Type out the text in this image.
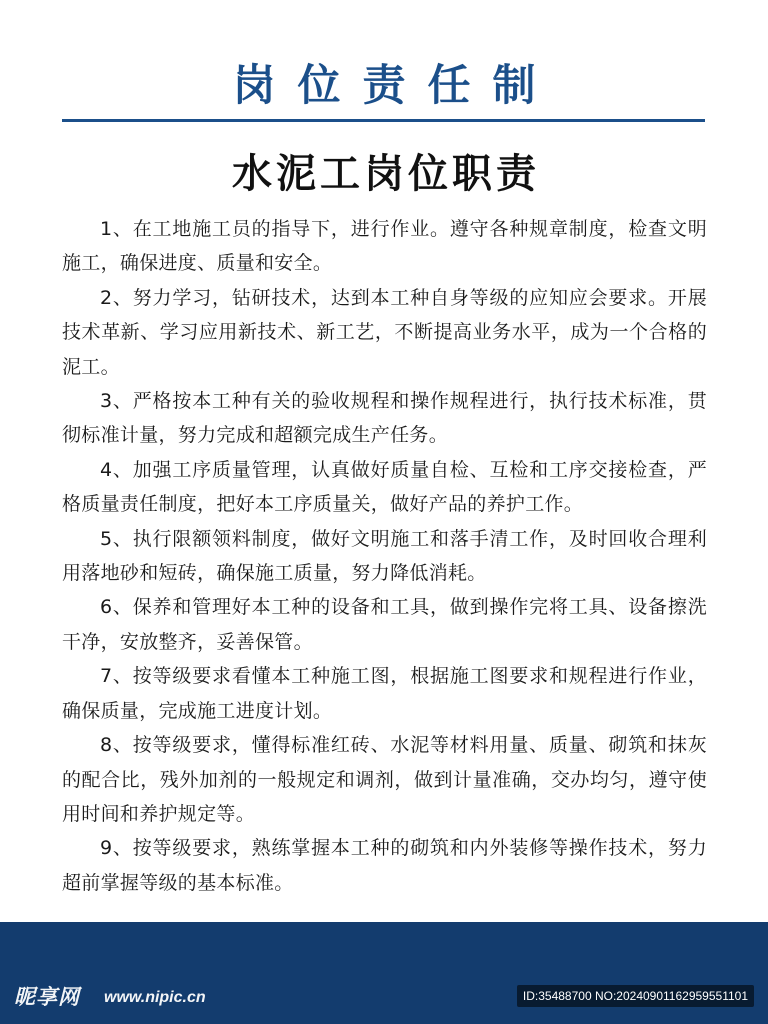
岗位责任制
水泥工岗位职责

1、在工地施工员的指导下，进行作业。遵守各种规章制度，检查文明施工，确保进度、质量和安全。

2、努力学习，钻研技术，达到本工种自身等级的应知应会要求。开展技术革新、学习应用新技术、新工艺，不断提高业务水平，成为一个合格的泥工。

3、严格按本工种有关的验收规程和操作规程进行，执行技术标准，贯彻标准计量，努力完成和超额完成生产任务。

4、加强工序质量管理，认真做好质量自检、互检和工序交接检查，严格质量责任制度，把好本工序质量关，做好产品的养护工作。

5、执行限额领料制度，做好文明施工和落手清工作，及时回收合理利用落地砂和短砖，确保施工质量，努力降低消耗。

6、保养和管理好本工种的设备和工具，做到操作完将工具、设备擦洗干净，安放整齐，妥善保管。

7、按等级要求看懂本工种施工图，根据施工图要求和规程进行作业，确保质量，完成施工进度计划。

8、按等级要求，懂得标准红砖、水泥等材料用量、质量、砌筑和抹灰的配合比，残外加剂的一般规定和调剂，做到计量准确，交办均匀，遵守使用时间和养护规定等。

9、按等级要求，熟练掌握本工种的砌筑和内外装修等操作技术，努力超前掌握等级的基本标准。

昵享网 www.nipic.cn	ID:35488700 NO:20240901162959551101
